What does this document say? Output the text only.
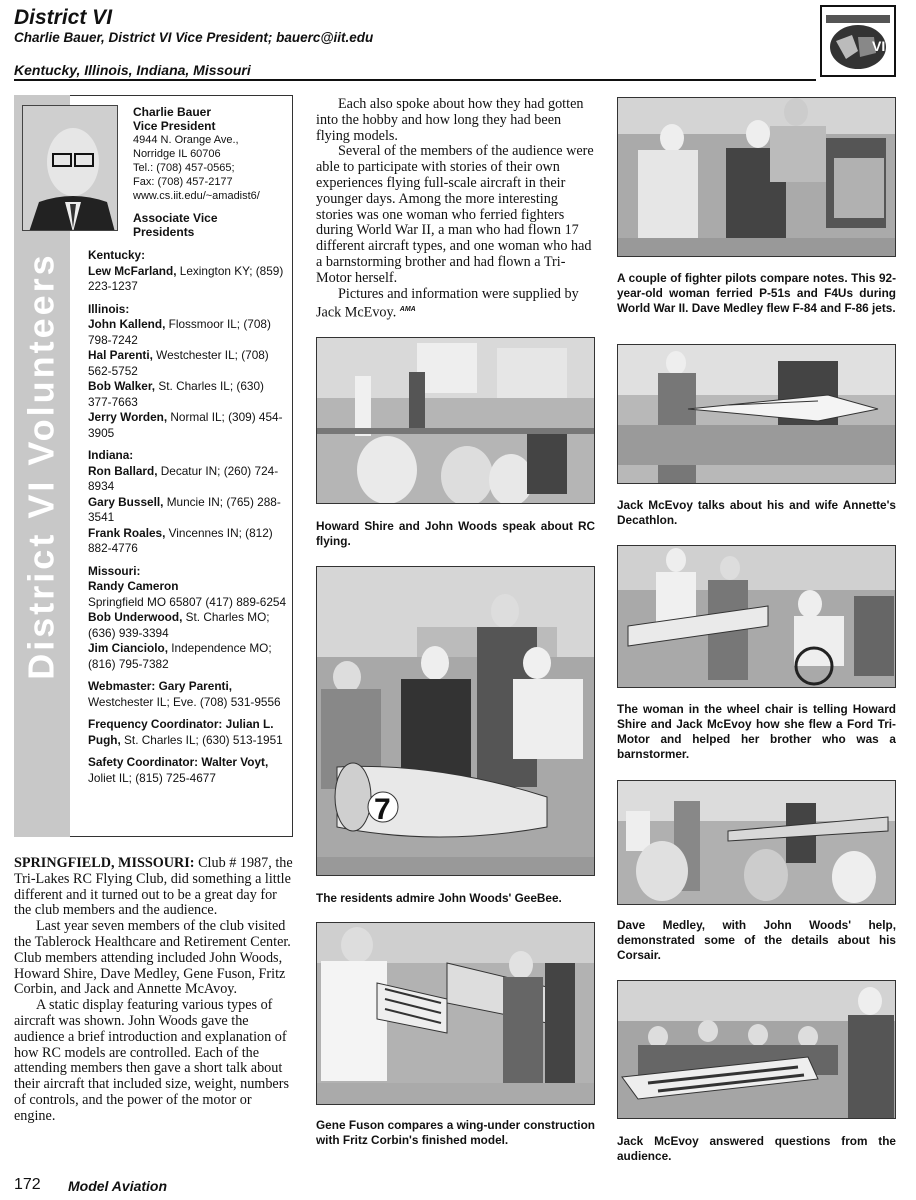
District VI
Charlie Bauer, District VI Vice President; bauerc@iit.edu
Kentucky, Illinois, Indiana, Missouri
VI
District VI Volunteers
Charlie Bauer
Vice President
4944 N. Orange Ave.,
Norridge IL 60706
Tel.: (708) 457-0565;
Fax: (708) 457-2177
www.cs.iit.edu/~amadist6/
Associate Vice
Presidents
Kentucky:
Lew McFarland, Lexington KY; (859) 223-1237
Illinois:
John Kallend, Flossmoor IL; (708) 798-7242
Hal Parenti, Westchester IL; (708) 562-5752
Bob Walker, St. Charles IL; (630) 377-7663
Jerry Worden, Normal IL; (309) 454-3905
Indiana:
Ron Ballard, Decatur IN; (260) 724-8934
Gary Bussell, Muncie IN; (765) 288-3541
Frank Roales, Vincennes IN; (812) 882-4776
Missouri:
Randy Cameron
Springfield MO 65807 (417) 889-6254
Bob Underwood, St. Charles MO; (636) 939-3394
Jim Cianciolo, Independence MO; (816) 795-7382
Webmaster: Gary Parenti, Westchester IL; Eve. (708) 531-9556
Frequency Coordinator: Julian L. Pugh, St. Charles IL; (630) 513-1951
Safety Coordinator: Walter Voyt, Joliet IL; (815) 725-4677

SPRINGFIELD, MISSOURI: Club # 1987, the Tri-Lakes RC Flying Club, did something a little different and it turned out to be a great day for the club members and the audience.

Last year seven members of the club visited the Tablerock Healthcare and Retirement Center. Club members attending included John Woods, Howard Shire, Dave Medley, Gene Fuson, Fritz Corbin, and Jack and Annette McAvoy.

A static display featuring various types of aircraft was shown. John Woods gave the audience a brief introduction and explanation of how RC models are controlled. Each of the attending members then gave a short talk about their aircraft that included size, weight, numbers of controls, and the power of the motor or engine.

Each also spoke about how they had gotten into the hobby and how long they had been flying models.

Several of the members of the audience were able to participate with stories of their own experiences flying full-scale aircraft in their younger days. Among the more interesting stories was one woman who ferried fighters during World War II, a man who had flown 17 different aircraft types, and one woman who had a barnstorming brother and had flown a Tri-Motor herself.

Pictures and information were supplied by Jack McEvoy. $^{AMA}$

Howard Shire and John Woods speak about RC flying.
7
The residents admire John Woods' GeeBee.
Gene Fuson compares a wing-under construction with Fritz Corbin's finished model.
A couple of fighter pilots compare notes. This 92-year-old woman ferried P-51s and F4Us during World War II. Dave Medley flew F-84 and F-86 jets.
Jack McEvoy talks about his and wife Annette's Decathlon.
The woman in the wheel chair is telling Howard Shire and Jack McEvoy how she flew a Ford Tri-Motor and helped her brother who was a barnstormer.
Dave Medley, with John Woods' help, demonstrated some of the details about his Corsair.
Jack McEvoy answered questions from the audience.
172 Model Aviation
